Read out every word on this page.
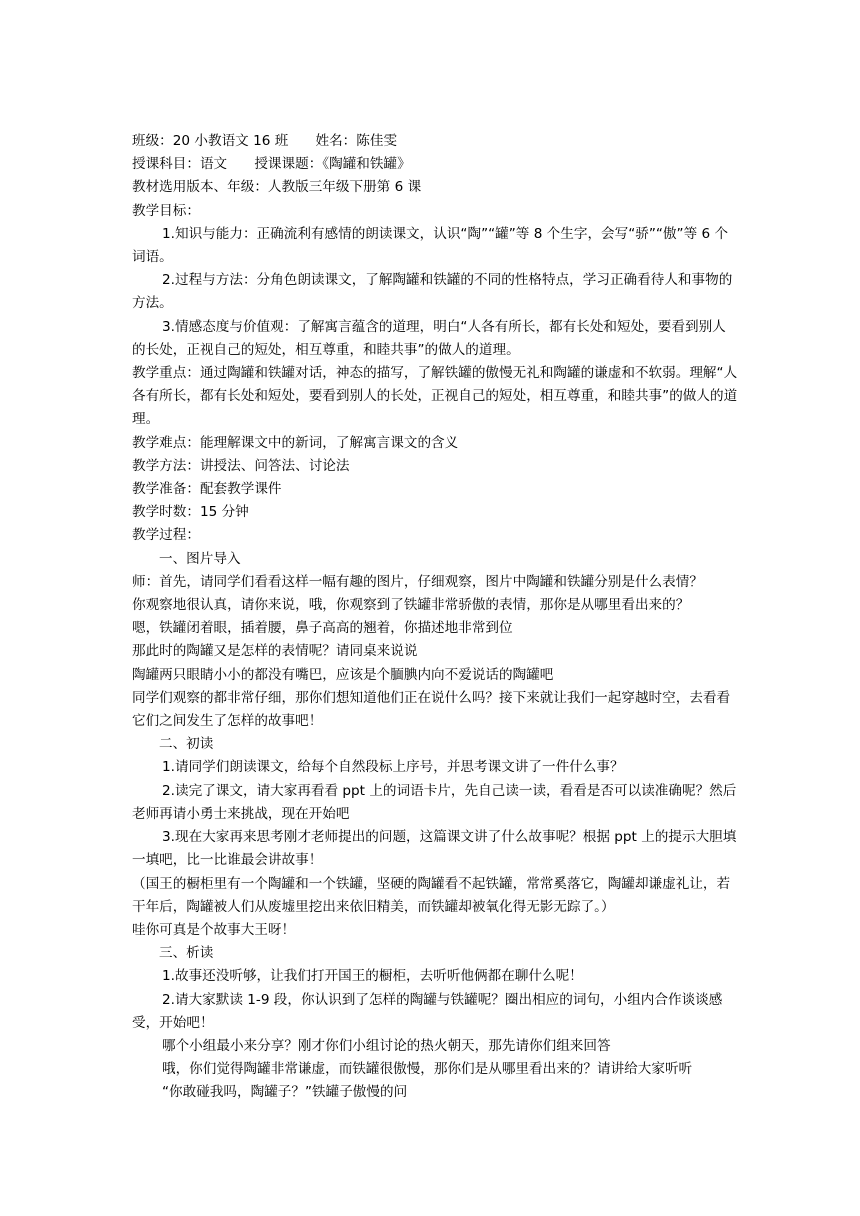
班级：20 小教语文 16 班　　姓名：陈佳雯
授课科目：语文　　授课课题：《陶罐和铁罐》
教材选用版本、年级：人教版三年级下册第 6 课
教学目标：
1.知识与能力：正确流利有感情的朗读课文，认识“陶”“罐”等 8 个生字，会写“骄”“傲”等 6 个词语。
2.过程与方法：分角色朗读课文，了解陶罐和铁罐的不同的性格特点，学习正确看待人和事物的方法。
3.情感态度与价值观：了解寓言蕴含的道理，明白“人各有所长，都有长处和短处，要看到别人的长处，正视自己的短处，相互尊重，和睦共事”的做人的道理。
教学重点：通过陶罐和铁罐对话，神态的描写，了解铁罐的傲慢无礼和陶罐的谦虚和不软弱。理解“人各有所长，都有长处和短处，要看到别人的长处，正视自己的短处，相互尊重，和睦共事”的做人的道理。
教学难点：能理解课文中的新词，了解寓言课文的含义
教学方法：讲授法、问答法、讨论法
教学准备：配套教学课件
教学时数：15 分钟
教学过程：
一、图片导入
师：首先，请同学们看看这样一幅有趣的图片，仔细观察，图片中陶罐和铁罐分别是什么表情？
你观察地很认真，请你来说，哦，你观察到了铁罐非常骄傲的表情，那你是从哪里看出来的？
嗯，铁罐闭着眼，插着腰，鼻子高高的翘着，你描述地非常到位
那此时的陶罐又是怎样的表情呢？请同桌来说说
陶罐两只眼睛小小的都没有嘴巴，应该是个腼腆内向不爱说话的陶罐吧
同学们观察的都非常仔细，那你们想知道他们正在说什么吗？接下来就让我们一起穿越时空，去看看它们之间发生了怎样的故事吧！
二、初读
1.请同学们朗读课文，给每个自然段标上序号，并思考课文讲了一件什么事？
2.读完了课文，请大家再看看 ppt 上的词语卡片，先自己读一读，看看是否可以读准确呢？然后老师再请小勇士来挑战，现在开始吧
3.现在大家再来思考刚才老师提出的问题，这篇课文讲了什么故事呢？根据 ppt 上的提示大胆填一填吧，比一比谁最会讲故事！
（国王的橱柜里有一个陶罐和一个铁罐，坚硬的陶罐看不起铁罐，常常奚落它，陶罐却谦虚礼让，若干年后，陶罐被人们从废墟里挖出来依旧精美，而铁罐却被氧化得无影无踪了。）
哇你可真是个故事大王呀！
三、析读
1.故事还没听够，让我们打开国王的橱柜，去听听他俩都在聊什么呢！
2.请大家默读 1-9 段，你认识到了怎样的陶罐与铁罐呢？圈出相应的词句，小组内合作谈谈感受，开始吧！
哪个小组最小来分享？刚才你们小组讨论的热火朝天，那先请你们组来回答
哦，你们觉得陶罐非常谦虚，而铁罐很傲慢，那你们是从哪里看出来的？请讲给大家听听
“你敢碰我吗，陶罐子？”铁罐子傲慢的问
